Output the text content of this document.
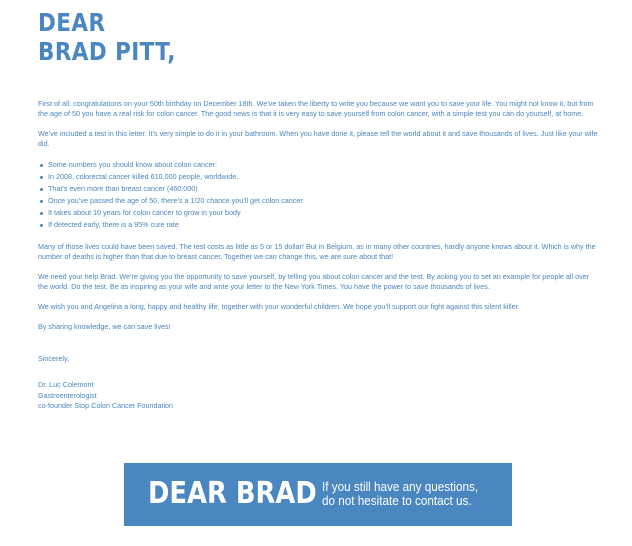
DEAR
BRAD PITT,

First of all: congratulations on your 50th birthday on December 18th. We’ve taken the liberty to write you because we want you to save your life. You might not know it, but from the age of 50 you have a real risk for colon cancer. The good news is that it is very easy to save yourself from colon cancer, with a simple test you can do yourself, at home.

We’ve included a test in this letter. It’s very simple to do it in your bathroom. When you have done it, please tell the world about it and save thousands of lives. Just like your wife did.

Some numbers you should know about colon cancer:
In 2008, colorectal cancer killed 610.000 people, worldwide.
That’s even more than breast cancer (460.000)
Once you’ve passed the age of 50, there’s a 1/20 chance you’ll get colon cancer
It takes about 10 years for colon cancer to grow in your body
If detected early, there is a 95% cure rate

Many of those lives could have been saved. The test costs as little as 5 or 15 dollar! But in Belgium, as in many other countries, hardly anyone knows about it. Which is why the number of deaths is higher than that due to breast cancer. Together we can change this, we are sure about that!

We need your help Brad. We’re giving you the opportunity to save yourself, by telling you about colon cancer and the test. By asking you to set an example for people all over the world. Do the test. Be as inspiring as your wife and write your letter to the New York Times. You have the power to save thousands of lives.

We wish you and Angelina a long, happy and healthy life, together with your wonderful children. We hope you’ll support our fight against this silent killer.

By sharing knowledge, we can save lives!

Sincerely,
Dr. Luc Colemont
Gastroenterologist
co-founder Stop Colon Cancer Foundation
DEAR BRAD If you still have any questions,
do not hesitate to contact us.
